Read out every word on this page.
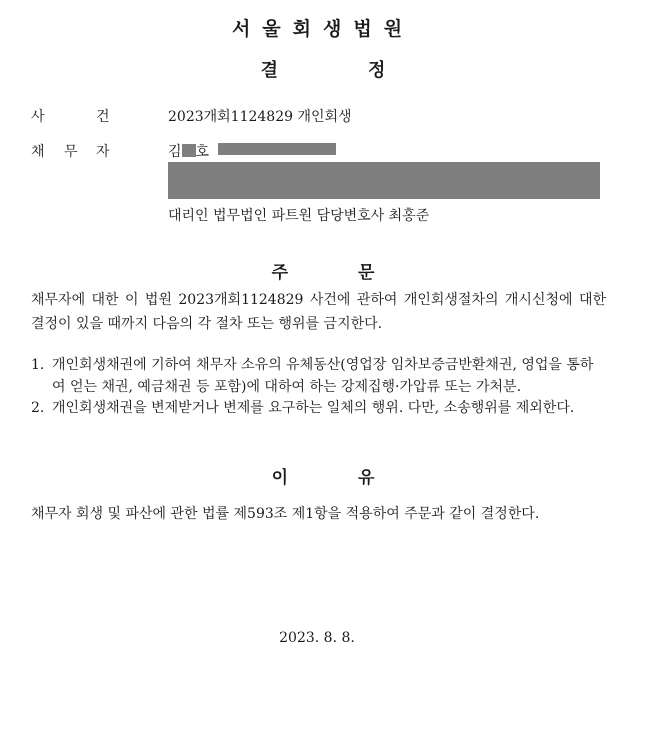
서울회생법원
결	정
사	건	2023개회1124829 개인회생
채 무 자	김 호
대리인 법무법인 파트원 담당변호사 최홍준
주	문
채무자에 대한 이 법원 2023개회1124829 사건에 관하여 개인회생절차의 개시신청에 대한 결정이 있을 때까지 다음의 각 절차 또는 행위를 금지한다.
1. 개인회생채권에 기하여 채무자 소유의 유체동산(영업장 임차보증금반환채권, 영업을 통하여 얻는 채권, 예금채권 등 포함)에 대하여 하는 강제집행·가압류 또는 가처분.
2. 개인회생채권을 변제받거나 변제를 요구하는 일체의 행위. 다만, 소송행위를 제외한다.
이	유
채무자 회생 및 파산에 관한 법률 제593조 제1항을 적용하여 주문과 같이 결정한다.
2023. 8. 8.
